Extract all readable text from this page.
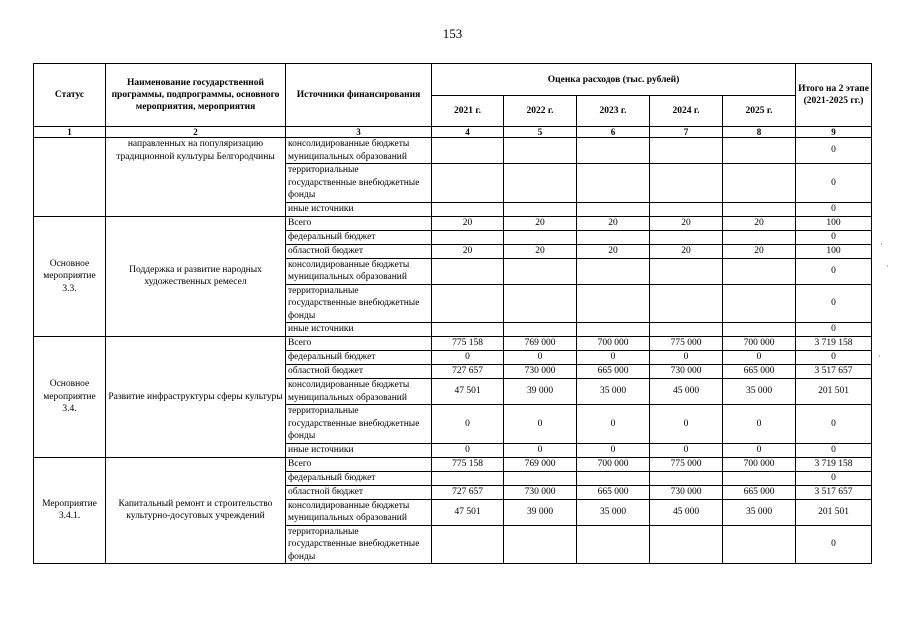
153
Статус	Наименование государственной программы, подпрограммы, основного мероприятия, мероприятия	Источники финансирования	Оценка расходов (тыс. рублей)					Итого на 2 этапе (2021-2025 гг.)
			2021 г.	2022 г.	2023 г.	2024 г.	2025 г.	
1	2	3	4	5	6	7	8	9
	направленных на популяризацию традиционной культуры Белгородчины	консолидированные бюджеты муниципальных образований						0
		территориальные государственные внебюджетные фонды						0
		иные источники						0
Основное мероприятие 3.3.	Поддержка и развитие народных художественных ремесел	Всего	20	20	20	20	20	100
		федеральный бюджет						0
		областной бюджет	20	20	20	20	20	100
		консолидированные бюджеты муниципальных образований						0
		территориальные государственные внебюджетные фонды						0
		иные источники						0
Основное мероприятие 3.4.	Развитие инфраструктуры сферы культуры	Всего	775 158	769 000	700 000	775 000	700 000	3 719 158
		федеральный бюджет	0	0	0	0	0	0
		областной бюджет	727 657	730 000	665 000	730 000	665 000	3 517 657
		консолидированные бюджеты муниципальных образований	47 501	39 000	35 000	45 000	35 000	201 501
		территориальные государственные внебюджетные фонды	0	0	0	0	0	0
		иные источники	0	0	0	0	0	0
Мероприятие 3.4.1.	Капитальный ремонт и строительство культурно-досуговых учреждений	Всего	775 158	769 000	700 000	775 000	700 000	3 719 158
		федеральный бюджет						0
		областной бюджет	727 657	730 000	665 000	730 000	665 000	3 517 657
		консолидированные бюджеты муниципальных образований	47 501	39 000	35 000	45 000	35 000	201 501
		территориальные государственные внебюджетные фонды						0
·
·
·
